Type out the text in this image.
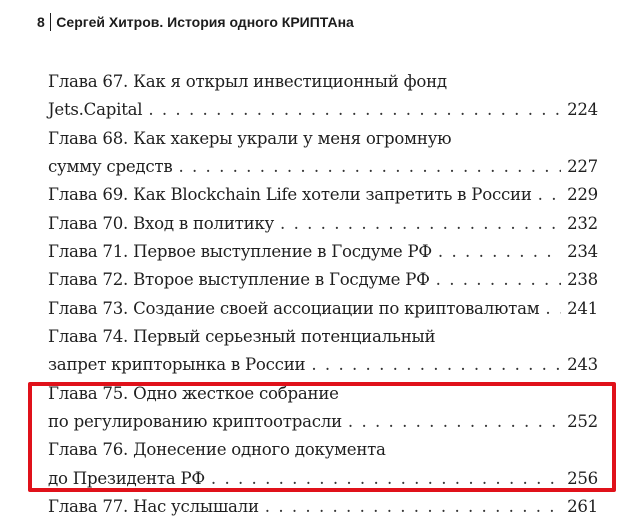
8 Сергей Хитров. История одного КРИПТАна
Глава 67. Как я открыл инвестиционный фонд
Jets.Capital . . .	224
Глава 68. Как хакеры украли у меня огромную
сумму средств . . .	227
Глава 69. Как Blockchain Life хотели запретить в России . . . 229
Глава 70. Вход в политику . . .	232
Глава 71. Первое выступление в Госдуме РФ . . .	234
Глава 72. Второе выступление в Госдуме РФ . . .	238
Глава 73. Создание своей ассоциации по криптовалютам . . . 241
Глава 74. Первый серьезный потенциальный
запрет крипторынка в России . . .	243
Глава 75. Одно жесткое собрание
по регулированию криптоотрасли . . .	252
Глава 76. Донесение одного документа
до Президента РФ . . .	256
Глава 77. Нас услышали . . .	261
